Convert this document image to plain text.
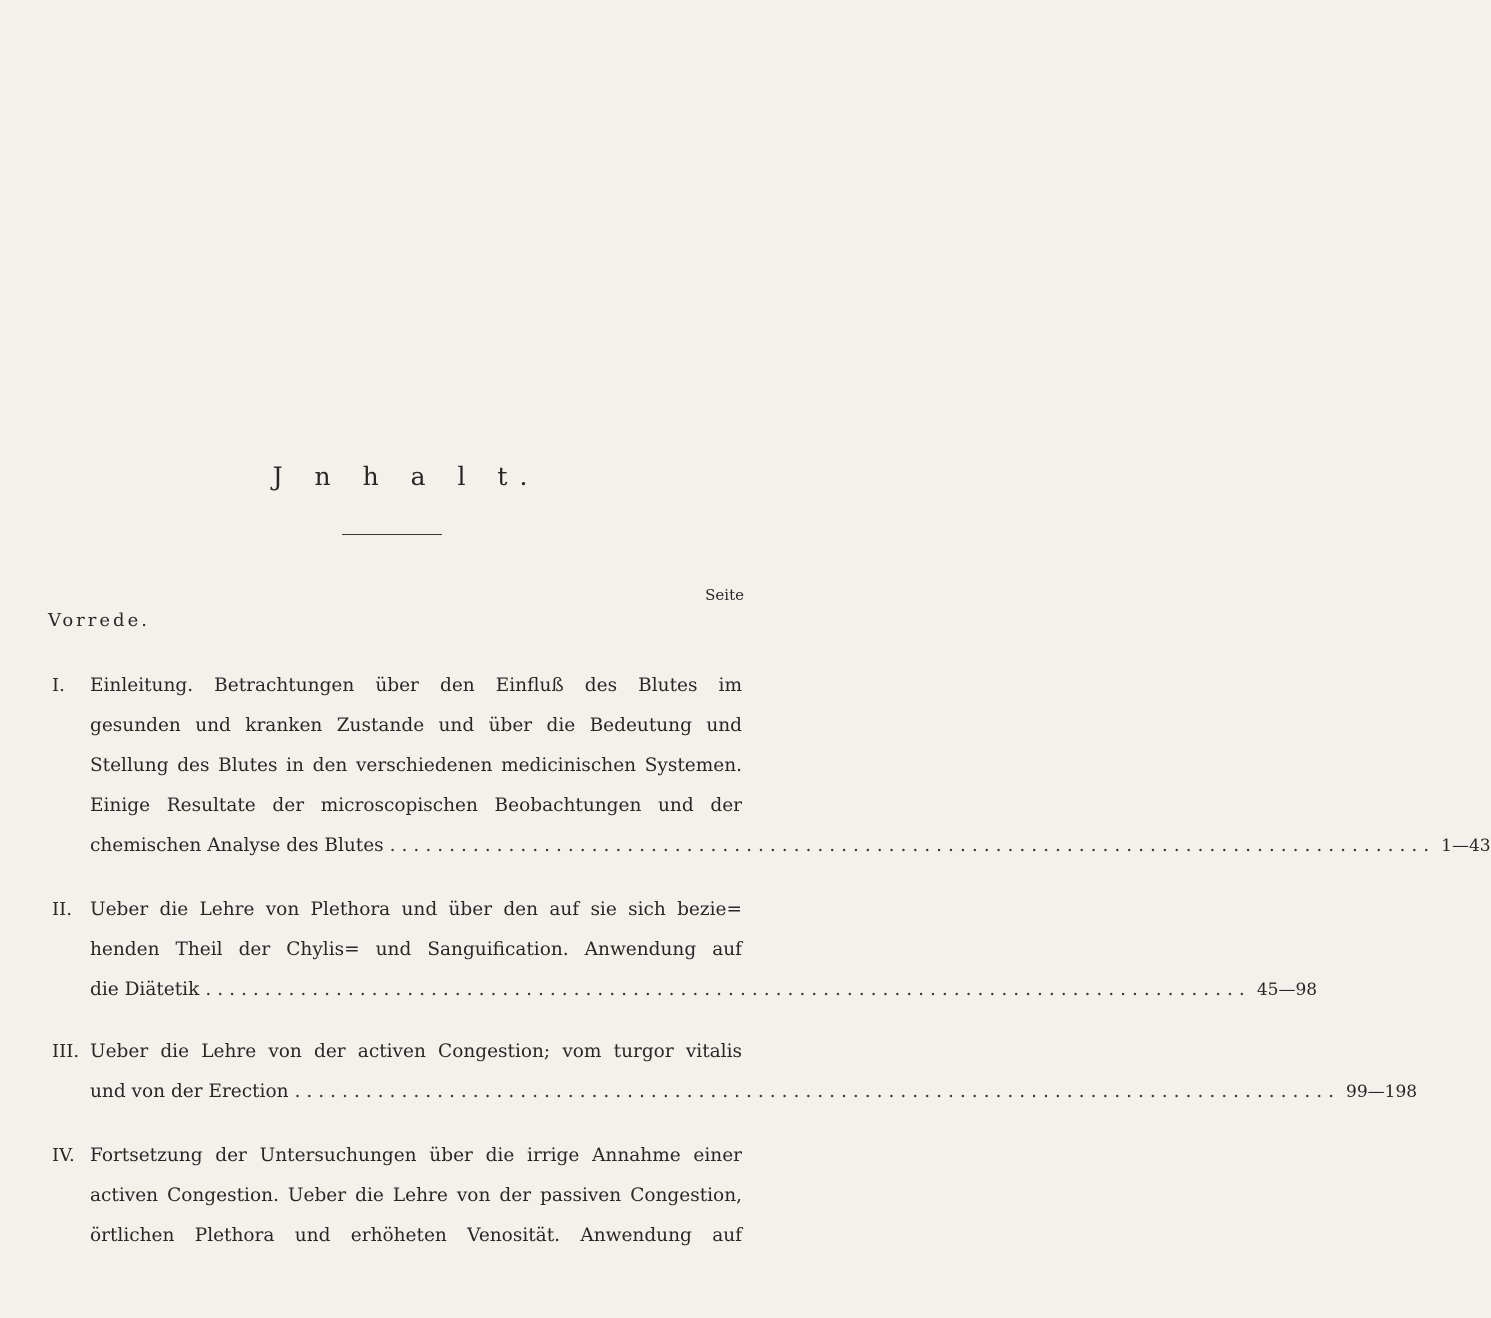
J n h a l t.
Seite
Vorrede.
I. Einleitung. Betrachtungen über den Einfluß des Blutes im
gesunden und kranken Zustande und über die Bedeutung und
Stellung des Blutes in den verschiedenen medicinischen Systemen.
Einige Resultate der microscopischen Beobachtungen und der
chemischen Analyse des Blutes ........................................................................................ 1—43
II. Ueber die Lehre von Plethora und über den auf sie sich bezie=
henden Theil der Chylis= und Sanguification. Anwendung auf
die Diätetik ........................................................................................ 45—98
III. Ueber die Lehre von der activen Congestion; vom turgor vitalis
und von der Erection ........................................................................................ 99—198
IV. Fortsetzung der Untersuchungen über die irrige Annahme einer
activen Congestion. Ueber die Lehre von der passiven Congestion,
örtlichen Plethora und erhöheten Venosität. Anwendung auf
